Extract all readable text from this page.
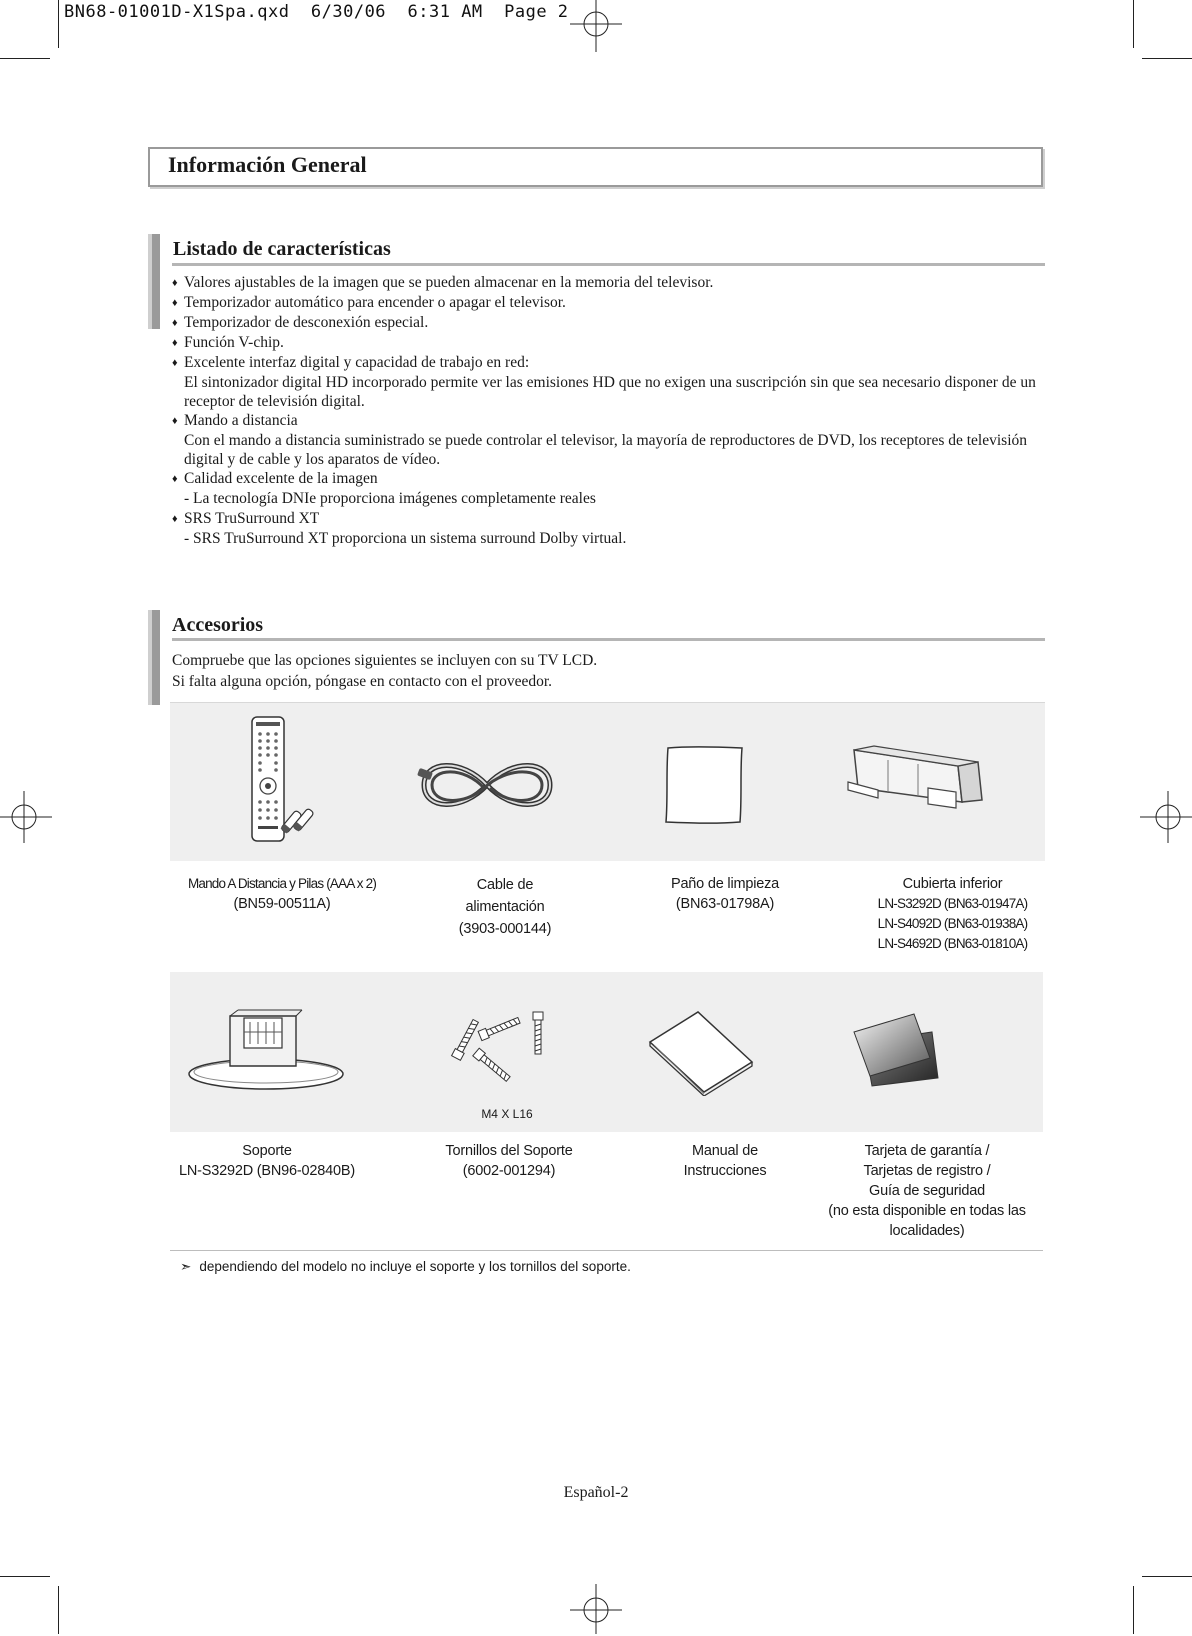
BN68-01001D-X1Spa.qxd  6/30/06  6:31 AM  Page 2
Información General
Listado de características
♦ Valores ajustables de la imagen que se pueden almacenar en la memoria del televisor.
♦ Temporizador automático para encender o apagar el televisor.
♦ Temporizador de desconexión especial.
♦ Función V-chip.
♦ Excelente interfaz digital y capacidad de trabajo en red:
El sintonizador digital HD incorporado permite ver las emisiones HD que no exigen una suscripción sin que sea necesario disponer de un receptor de televisión digital.
♦ Mando a distancia
Con el mando a distancia suministrado se puede controlar el televisor, la mayoría de reproductores de DVD, los receptores de televisión digital y de cable y los aparatos de vídeo.
♦ Calidad excelente de la imagen
- La tecnología DNIe proporciona imágenes completamente reales
♦ SRS TruSurround XT
- SRS TruSurround XT proporciona un sistema surround Dolby virtual.
Accesorios
Compruebe que las opciones siguientes se incluyen con su TV LCD.
Si falta alguna opción, póngase en contacto con el proveedor.
Mando A Distancia y Pilas (AAA x 2)
(BN59-00511A)
Cable de
alimentación
(3903-000144)
Paño de limpieza
(BN63-01798A)
Cubierta inferior
LN-S3292D (BN63-01947A)
LN-S4092D (BN63-01938A)
LN-S4692D (BN63-01810A)
M4 X L16
Soporte
LN-S3292D (BN96-02840B)
Tornillos del Soporte
(6002-001294)
Manual de
Instrucciones
Tarjeta de garantía /
Tarjetas de registro /
Guía de seguridad
(no esta disponible en todas las
localidades)
➣ dependiendo del modelo no incluye el soporte y los tornillos del soporte.
Español-2
